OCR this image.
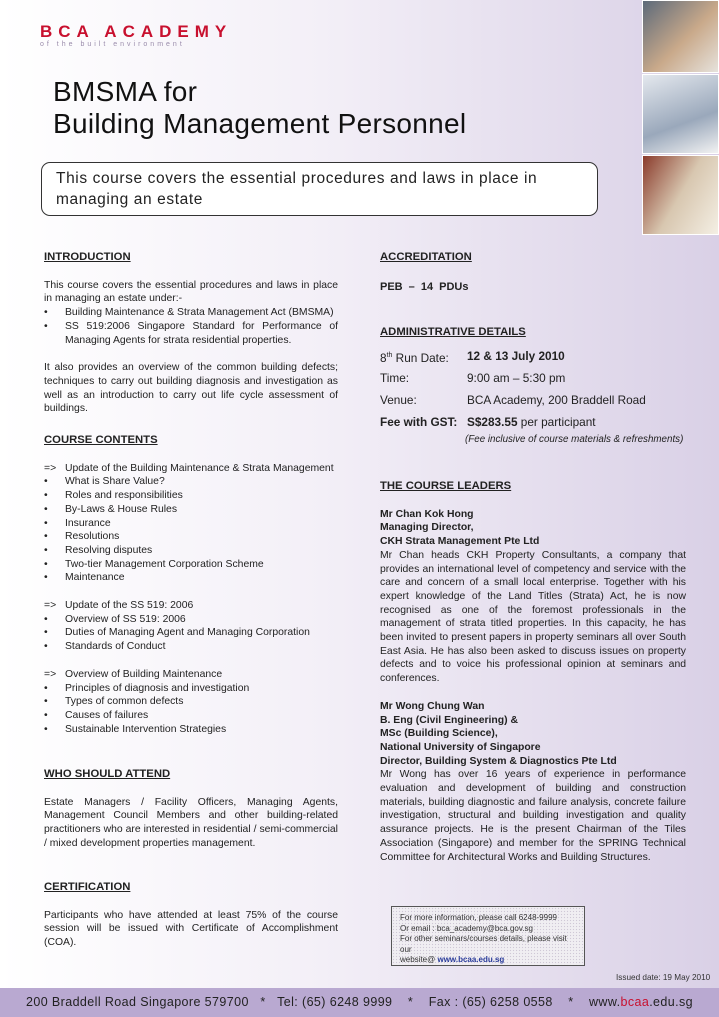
BCA ACADEMY
of the built environment
BMSMA for
Building Management Personnel
This course covers the essential procedures and laws in place in managing an estate

INTRODUCTION

This course covers the essential procedures and laws in place in managing an estate under:-
• Building Maintenance & Strata Management Act (BMSMA)
• SS 519:2006 Singapore Standard for Performance of Managing Agents for strata residential properties.
It also provides an overview of the common building defects; techniques to carry out building diagnosis and investigation as well as an introduction to carry out life cycle assessment of buildings.

COURSE CONTENTS

=> Update of the Building Maintenance & Strata Management
• What is Share Value?
• Roles and responsibilities
• By-Laws & House Rules
• Insurance
• Resolutions
• Resolving disputes
• Two-tier Management Corporation Scheme
• Maintenance
=> Update of the SS 519: 2006
• Overview of SS 519: 2006
• Duties of Managing Agent and Managing Corporation
• Standards of Conduct
=> Overview of Building Maintenance
• Principles of diagnosis and investigation
• Types of common defects
• Causes of failures
• Sustainable Intervention Strategies

WHO SHOULD ATTEND

Estate Managers / Facility Officers, Managing Agents, Management Council Members and other building-related practitioners who are interested in residential / semi-commercial / mixed development properties management.

CERTIFICATION

Participants who have attended at least 75% of the course session will be issued with Certificate of Accomplishment (COA).

ACCREDITATION

PEB – 14 PDUs

ADMINISTRATIVE DETAILS

8th Run Date: 12 & 13 July 2010
Time:	9:00 am – 5:30 pm
Venue:	BCA Academy, 200 Braddell Road
Fee with GST: S$283.55 per participant
(Fee inclusive of course materials & refreshments)

THE COURSE LEADERS

Mr Chan Kok Hong
Managing Director,
CKH Strata Management Pte Ltd
Mr Chan heads CKH Property Consultants, a company that provides an international level of competency and service with the care and concern of a small local enterprise. Together with his expert knowledge of the Land Titles (Strata) Act, he is now recognised as one of the foremost professionals in the management of strata titled properties. In this capacity, he has been invited to present papers in property seminars all over South East Asia. He has also been asked to discuss issues on property defects and to voice his professional opinion at seminars and conferences.
Mr Wong Chung Wan
B. Eng (Civil Engineering) &
MSc (Building Science),
National University of Singapore
Director, Building System & Diagnostics Pte Ltd
Mr Wong has over 16 years of experience in performance evaluation and development of building and construction materials, building diagnostic and failure analysis, concrete failure investigation, structural and building investigation and quality assurance projects. He is the present Chairman of the Tiles Association (Singapore) and member for the SPRING Technical Committee for Architectural Works and Building Structures.
For more information, please call 6248-9999
Or email : bca_academy@bca.gov.sg
For other seminars/courses details, please visit our
website@ www.bcaa.edu.sg
Issued date: 19 May 2010
200 Braddell Road Singapore 579700 * Tel: (65) 6248 9999 * Fax : (65) 6258 0558 * www.bcaa.edu.sg
